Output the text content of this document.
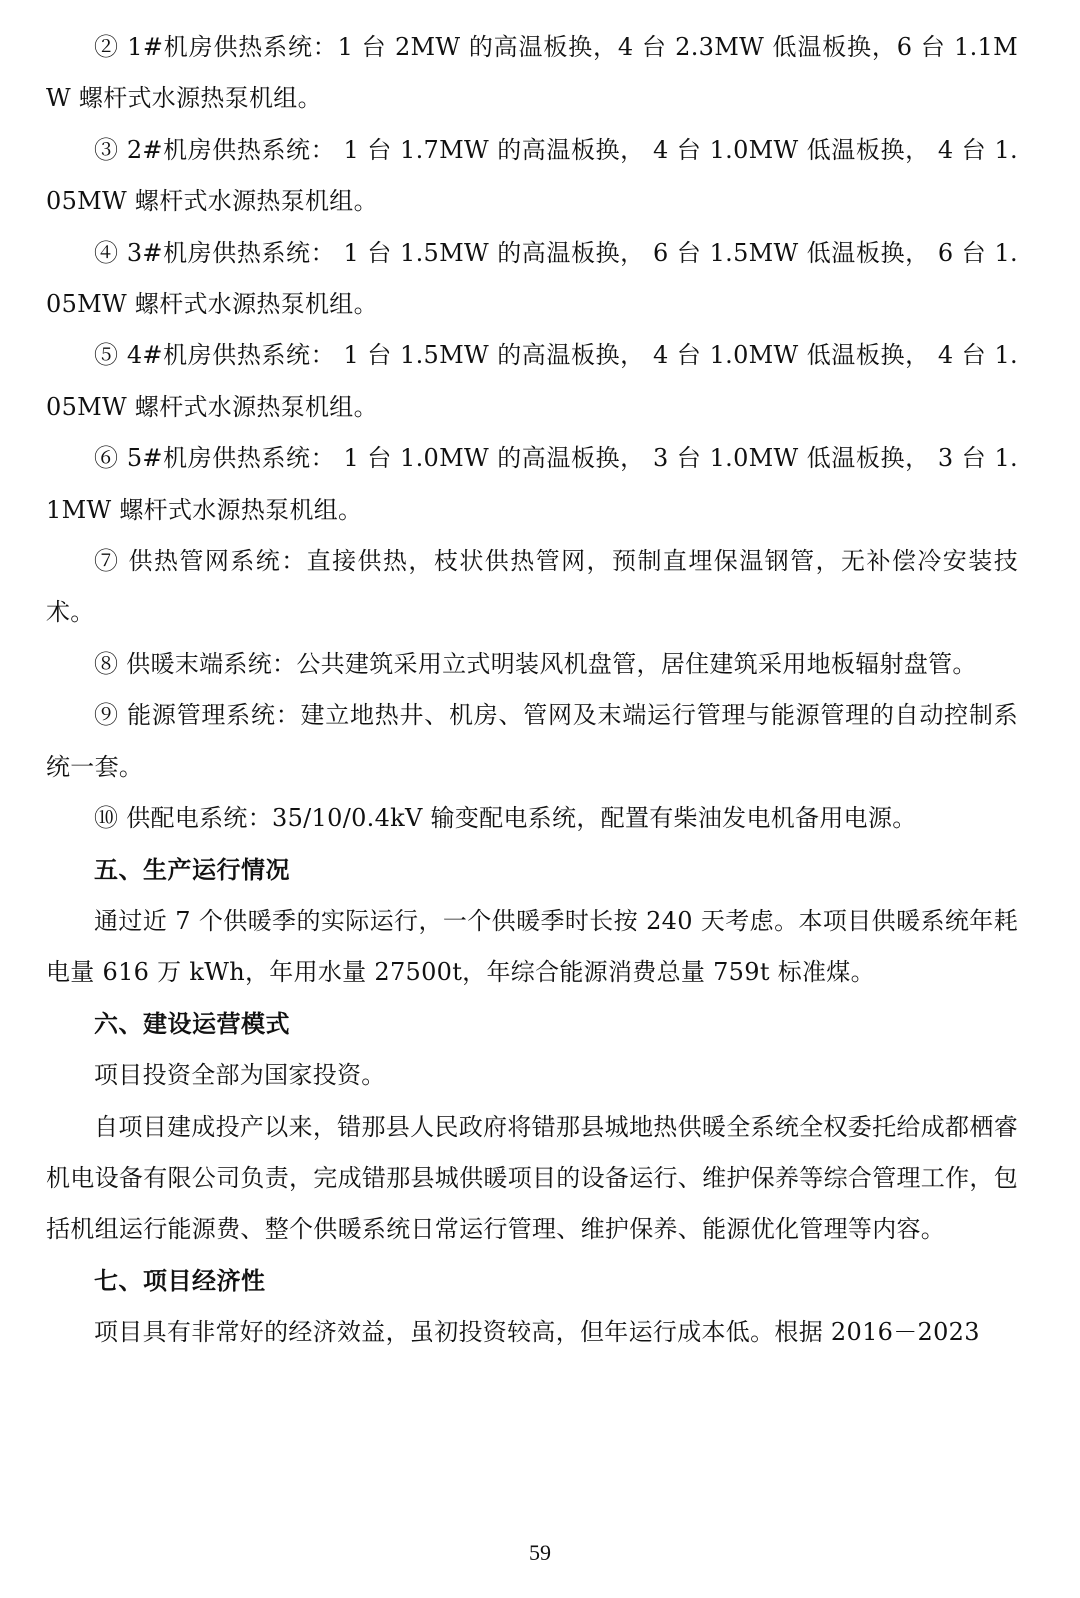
② 1#机房供热系统：1 台 2MW 的高温板换，4 台 2.3MW 低温板换，6 台 1.1MW 螺杆式水源热泵机组。

③ 2#机房供热系统： 1 台 1.7MW 的高温板换， 4 台 1.0MW 低温板换， 4 台 1.05MW 螺杆式水源热泵机组。

④ 3#机房供热系统： 1 台 1.5MW 的高温板换， 6 台 1.5MW 低温板换， 6 台 1.05MW 螺杆式水源热泵机组。

⑤ 4#机房供热系统： 1 台 1.5MW 的高温板换， 4 台 1.0MW 低温板换， 4 台 1.05MW 螺杆式水源热泵机组。

⑥ 5#机房供热系统： 1 台 1.0MW 的高温板换， 3 台 1.0MW 低温板换， 3 台 1.1MW 螺杆式水源热泵机组。

⑦ 供热管网系统：直接供热，枝状供热管网，预制直埋保温钢管，无补偿冷安装技术。

⑧ 供暖末端系统：公共建筑采用立式明装风机盘管，居住建筑采用地板辐射盘管。

⑨ 能源管理系统：建立地热井、机房、管网及末端运行管理与能源管理的自动控制系统一套。

⑩ 供配电系统：35/10/0.4kV 输变配电系统，配置有柴油发电机备用电源。

五、生产运行情况

通过近 7 个供暖季的实际运行，一个供暖季时长按 240 天考虑。本项目供暖系统年耗电量 616 万 kWh，年用水量 27500t，年综合能源消费总量 759t 标准煤。

六、建设运营模式

项目投资全部为国家投资。

自项目建成投产以来，错那县人民政府将错那县城地热供暖全系统全权委托给成都栖睿机电设备有限公司负责，完成错那县城供暖项目的设备运行、维护保养等综合管理工作，包括机组运行能源费、整个供暖系统日常运行管理、维护保养、能源优化管理等内容。

七、项目经济性

项目具有非常好的经济效益，虽初投资较高，但年运行成本低。根据 2016－2023

59
